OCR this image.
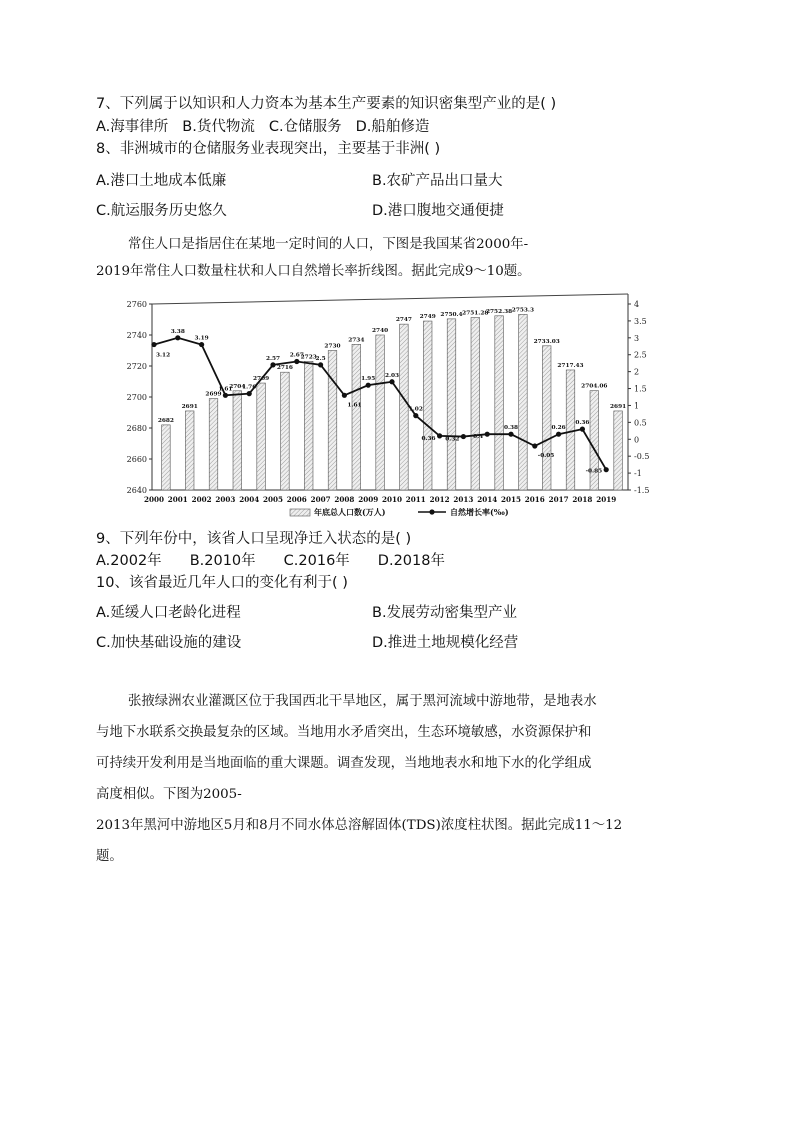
7、下列属于以知识和人力资本为基本生产要素的知识密集型产业的是( )
A.海事律所 B.货代物流 C.仓储服务 D.船舶修造
8、非洲城市的仓储服务业表现突出，主要基于非洲( )
A.港口土地成本低廉	B.农矿产品出口量大
C.航运服务历史悠久	D.港口腹地交通便捷
常住人口是指居住在某地一定时间的人口，下图是我国某省2000年-
2019年常住人口数量柱状和人口自然增长率折线图。据此完成9～10题。
2640
2660
2680
2700
2720
2740
2760
-1.5
-1
-0.5
0
0.5
1
1.5
2
2.5
3
3.5
4
2682
2000
2691
2001
2699
2002
2704
2003
2709
2004
2716
2005
2723
2006
2730
2007
2734
2008
2740
2009
2747
2010
2749
2011
2750.4
2012
2751.28
2013
2752.38
2014
2753.3
2015
2733.03
2016
2717.43
2017
2704.06
2018
2691
2019
3.12
3.38
3.19
1.61 1.76
2.57
2.67
2.5
1.61
1.95
2.03
1.02
0.36 0.32 0.4
0.38
-0.05
0.26
0.36
-0.85
年底总人口数(万人)	自然增长率(‰)
9、下列年份中，该省人口呈现净迁入状态的是( )
A.2002年 B.2010年 C.2016年 D.2018年
10、该省最近几年人口的变化有利于( )
A.延缓人口老龄化进程	B.发展劳动密集型产业
C.加快基础设施的建设	D.推进土地规模化经营
张掖绿洲农业灌溉区位于我国西北干旱地区，属于黑河流域中游地带，是地表水
与地下水联系交换最复杂的区域。当地用水矛盾突出，生态环境敏感，水资源保护和
可持续开发利用是当地面临的重大课题。调查发现，当地地表水和地下水的化学组成
高度相似。下图为2005-
2013年黑河中游地区5月和8月不同水体总溶解固体(TDS)浓度柱状图。据此完成11～12
题。
